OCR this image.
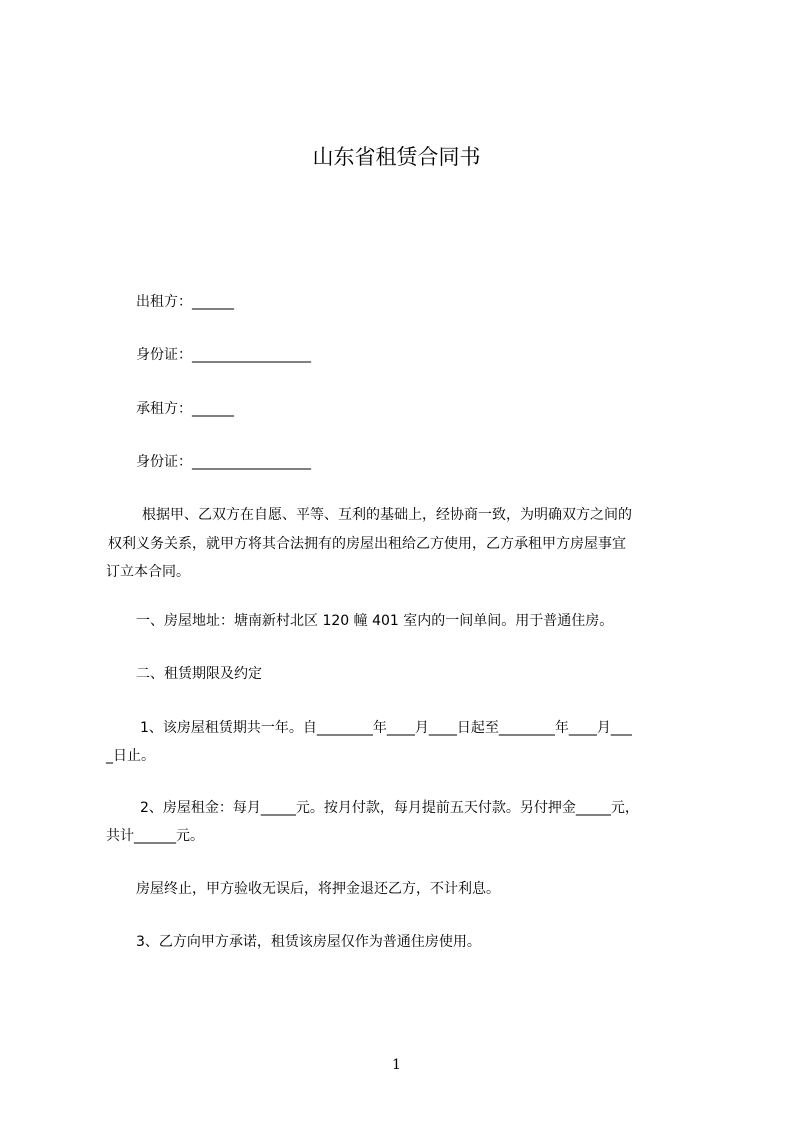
山东省租赁合同书

出租方：______

身份证：_________________

承租方：______

身份证：_________________

根据甲、乙双方在自愿、平等、互利的基础上，经协商一致，为明确双方之间的

权利义务关系，就甲方将其合法拥有的房屋出租给乙方使用，乙方承租甲方房屋事宜

订立本合同。

一、房屋地址：塘南新村北区 120 幢 401 室内的一间单间。用于普通住房。

二、租赁期限及约定

1、该房屋租赁期共一年。自________年____月____日起至________年____月___

_日止。

2、房屋租金：每月_____元。按月付款，每月提前五天付款。另付押金_____元，

共计______元。

房屋终止，甲方验收无误后，将押金退还乙方，不计利息。

3、乙方向甲方承诺，租赁该房屋仅作为普通住房使用。

1
